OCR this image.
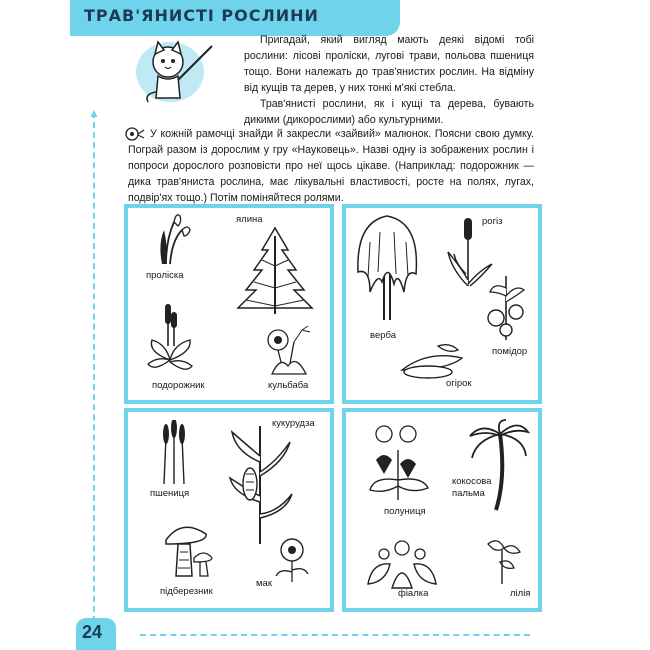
ТРАВ'ЯНИСТІ РОСЛИНИ

Пригадай, який вигляд мають деякі відомі тобі рослини: лісові проліски, лугові трави, польова пшениця тощо. Вони належать до трав'янистих рослин. На відміну від кущів та дерев, у них тонкі м'які стебла.

Трав'янисті рослини, як і кущі та дерева, бувають дикими (дикорослими) або культурними.

У кожній рамочці знайди й закресли «зайвий» малюнок. Поясни свою думку. Пограй разом із дорослим у гру «Науковець». Назві одну із зображених рослин і попроси дорослого розповісти про неї щось цікаве. (Наприклад: подорожник — дика трав'яниста рослина, має лікувальні властивості, росте на полях, лугах, подвір'ях тощо.) Потім поміняйтеся ролями.
▲
проліска
ялина
подорожник	кульбаба
рогіз
верба
помідор
огірок
кукурудза
пшениця
підберезник
мак
полуниця
кокосова пальма
фіалка	лілія
24
